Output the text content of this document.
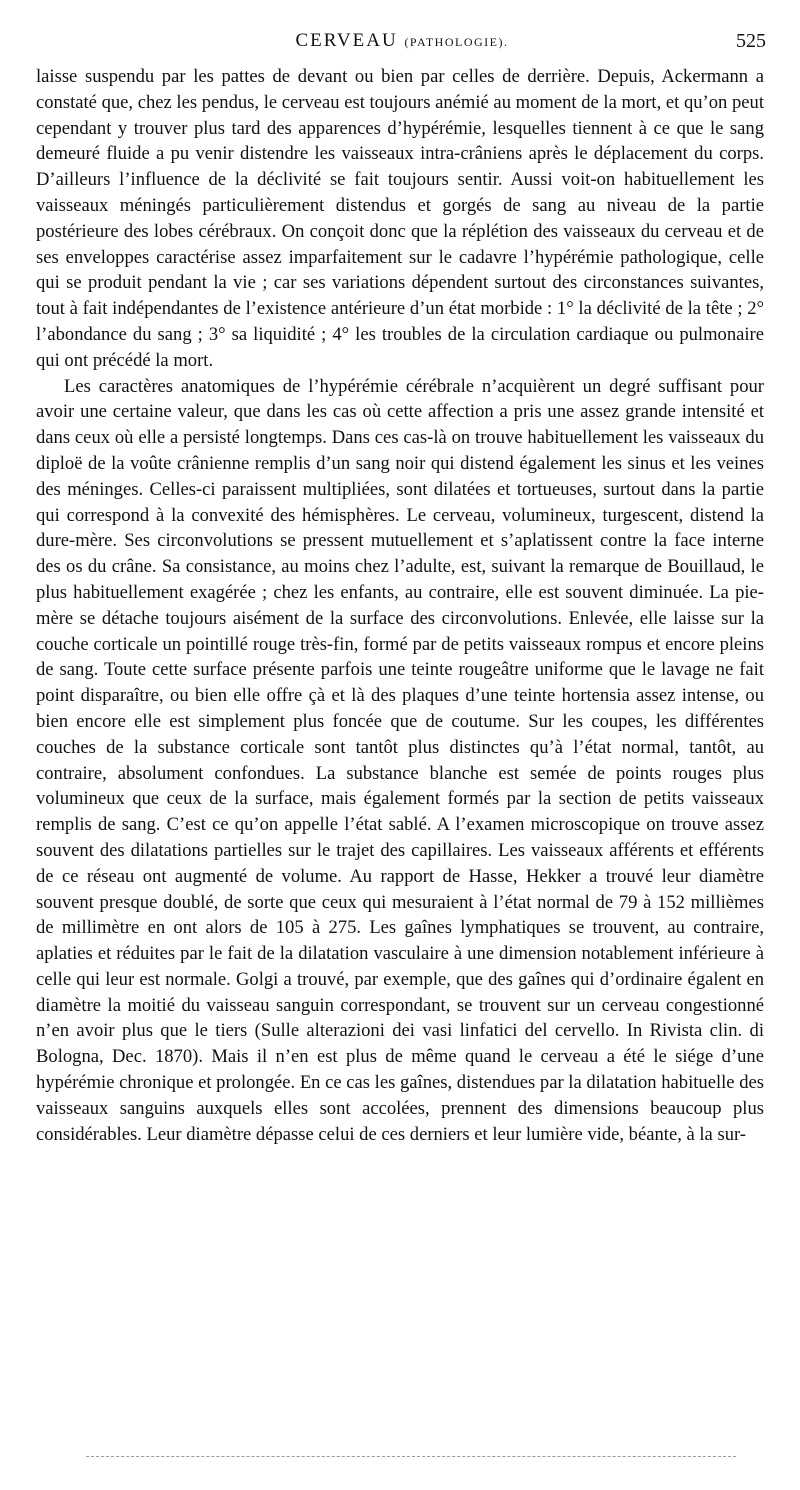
CERVEAU (PATHOLOGIE).	525

laisse suspendu par les pattes de devant ou bien par celles de derrière. Depuis, Ackermann a constaté que, chez les pendus, le cerveau est toujours anémié au moment de la mort, et qu’on peut cependant y trouver plus tard des apparences d’hypérémie, lesquelles tiennent à ce que le sang demeuré fluide a pu venir distendre les vaisseaux intra-crâniens après le déplacement du corps. D’ailleurs l’influence de la déclivité se fait toujours sentir. Aussi voit-on habituellement les vaisseaux méningés particulièrement distendus et gorgés de sang au niveau de la partie postérieure des lobes cérébraux. On conçoit donc que la réplétion des vaisseaux du cerveau et de ses enveloppes caractérise assez imparfaitement sur le cadavre l’hypérémie pathologique, celle qui se produit pendant la vie ; car ses variations dépendent surtout des circonstances suivantes, tout à fait indépendantes de l’existence antérieure d’un état morbide : 1° la déclivité de la tête ; 2° l’abondance du sang ; 3° sa liquidité ; 4° les troubles de la circulation cardiaque ou pulmonaire qui ont précédé la mort.

Les caractères anatomiques de l’hypérémie cérébrale n’acquièrent un degré suffisant pour avoir une certaine valeur, que dans les cas où cette affection a pris une assez grande intensité et dans ceux où elle a persisté longtemps. Dans ces cas-là on trouve habituellement les vaisseaux du diploë de la voûte crânienne remplis d’un sang noir qui distend également les sinus et les veines des méninges. Celles-ci paraissent multipliées, sont dilatées et tortueuses, surtout dans la partie qui correspond à la convexité des hémisphères. Le cerveau, volumineux, turgescent, distend la dure-mère. Ses circonvolutions se pressent mutuellement et s’aplatissent contre la face interne des os du crâne. Sa consistance, au moins chez l’adulte, est, suivant la remarque de Bouillaud, le plus habituellement exagérée ; chez les enfants, au contraire, elle est souvent diminuée. La pie-mère se détache toujours aisément de la surface des circonvolutions. Enlevée, elle laisse sur la couche corticale un pointillé rouge très-fin, formé par de petits vaisseaux rompus et encore pleins de sang. Toute cette surface présente parfois une teinte rougeâtre uniforme que le lavage ne fait point disparaître, ou bien elle offre çà et là des plaques d’une teinte hortensia assez intense, ou bien encore elle est simplement plus foncée que de coutume. Sur les coupes, les différentes couches de la substance corticale sont tantôt plus distinctes qu’à l’état normal, tantôt, au contraire, absolument confondues. La substance blanche est semée de points rouges plus volumineux que ceux de la surface, mais également formés par la section de petits vaisseaux remplis de sang. C’est ce qu’on appelle l’état sablé. A l’examen microscopique on trouve assez souvent des dilatations partielles sur le trajet des capillaires. Les vaisseaux afférents et efférents de ce réseau ont augmenté de volume. Au rapport de Hasse, Hekker a trouvé leur diamètre souvent presque doublé, de sorte que ceux qui mesuraient à l’état normal de 79 à 152 millièmes de millimètre en ont alors de 105 à 275. Les gaînes lymphatiques se trouvent, au contraire, aplaties et réduites par le fait de la dilatation vasculaire à une dimension notablement inférieure à celle qui leur est normale. Golgi a trouvé, par exemple, que des gaînes qui d’ordinaire égalent en diamètre la moitié du vaisseau sanguin correspondant, se trouvent sur un cerveau congestionné n’en avoir plus que le tiers (Sulle alterazioni dei vasi linfatici del cervello. In Rivista clin. di Bologna, Dec. 1870). Mais il n’en est plus de même quand le cerveau a été le siége d’une hypérémie chronique et prolongée. En ce cas les gaînes, distendues par la dilatation habituelle des vaisseaux sanguins auxquels elles sont accolées, prennent des dimensions beaucoup plus considérables. Leur diamètre dépasse celui de ces derniers et leur lumière vide, béante, à la sur-
